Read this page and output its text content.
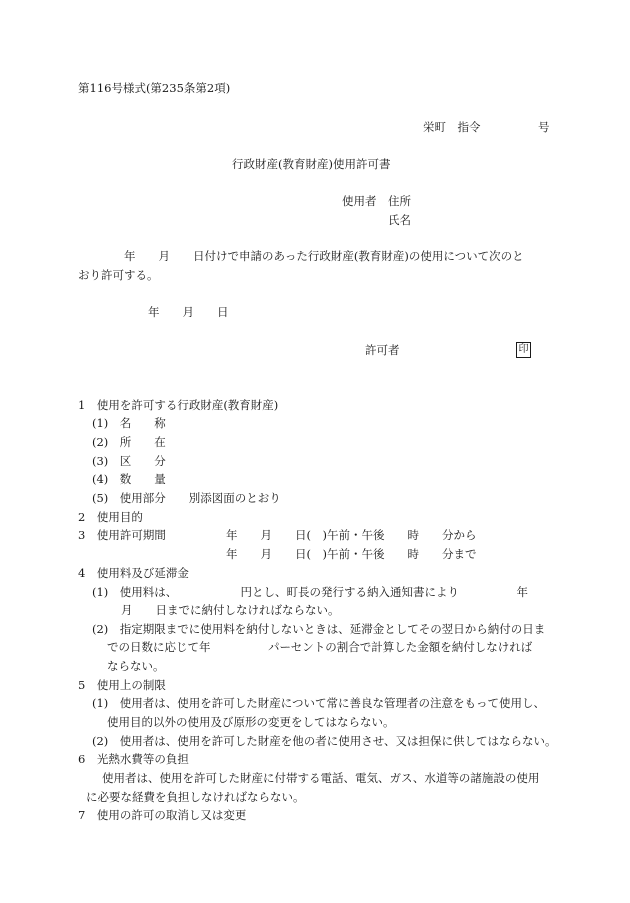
第116号様式(第235条第2項)
栄町　指令　　　　　号
行政財産(教育財産)使用許可書
使用者　住所
氏名
　　　　年　　月　　日付けで申請のあった行政財産(教育財産)の使用について次のと
おり許可する。
年　　月　　日
許可者	印
1　使用を許可する行政財産(教育財産)
(1)　名　　称
(2)　所　　在
(3)　区　　分
(4)　数　　量
(5)　使用部分　　別添図面のとおり
2　使用目的
3　使用許可期間	年　　月　　日(　)午前・午後　　時　　分から
年　　月　　日(　)午前・午後　　時　　分まで
4　使用料及び延滞金
(1)　使用料は、　　　　　　円とし、町長の発行する納入通知書により　　　　　年
月　　日までに納付しなければならない。
(2)　指定期限までに使用料を納付しないときは、延滞金としてその翌日から納付の日ま
での日数に応じて年　　　　　パーセントの割合で計算した金額を納付しなければ
ならない。
5　使用上の制限
(1)　使用者は、使用を許可した財産について常に善良な管理者の注意をもって使用し、
使用目的以外の使用及び原形の変更をしてはならない。
(2)　使用者は、使用を許可した財産を他の者に使用させ、又は担保に供してはならない。
6　光熱水費等の負担
使用者は、使用を許可した財産に付帯する電話、電気、ガス、水道等の諸施設の使用
に必要な経費を負担しなければならない。
7　使用の許可の取消し又は変更
